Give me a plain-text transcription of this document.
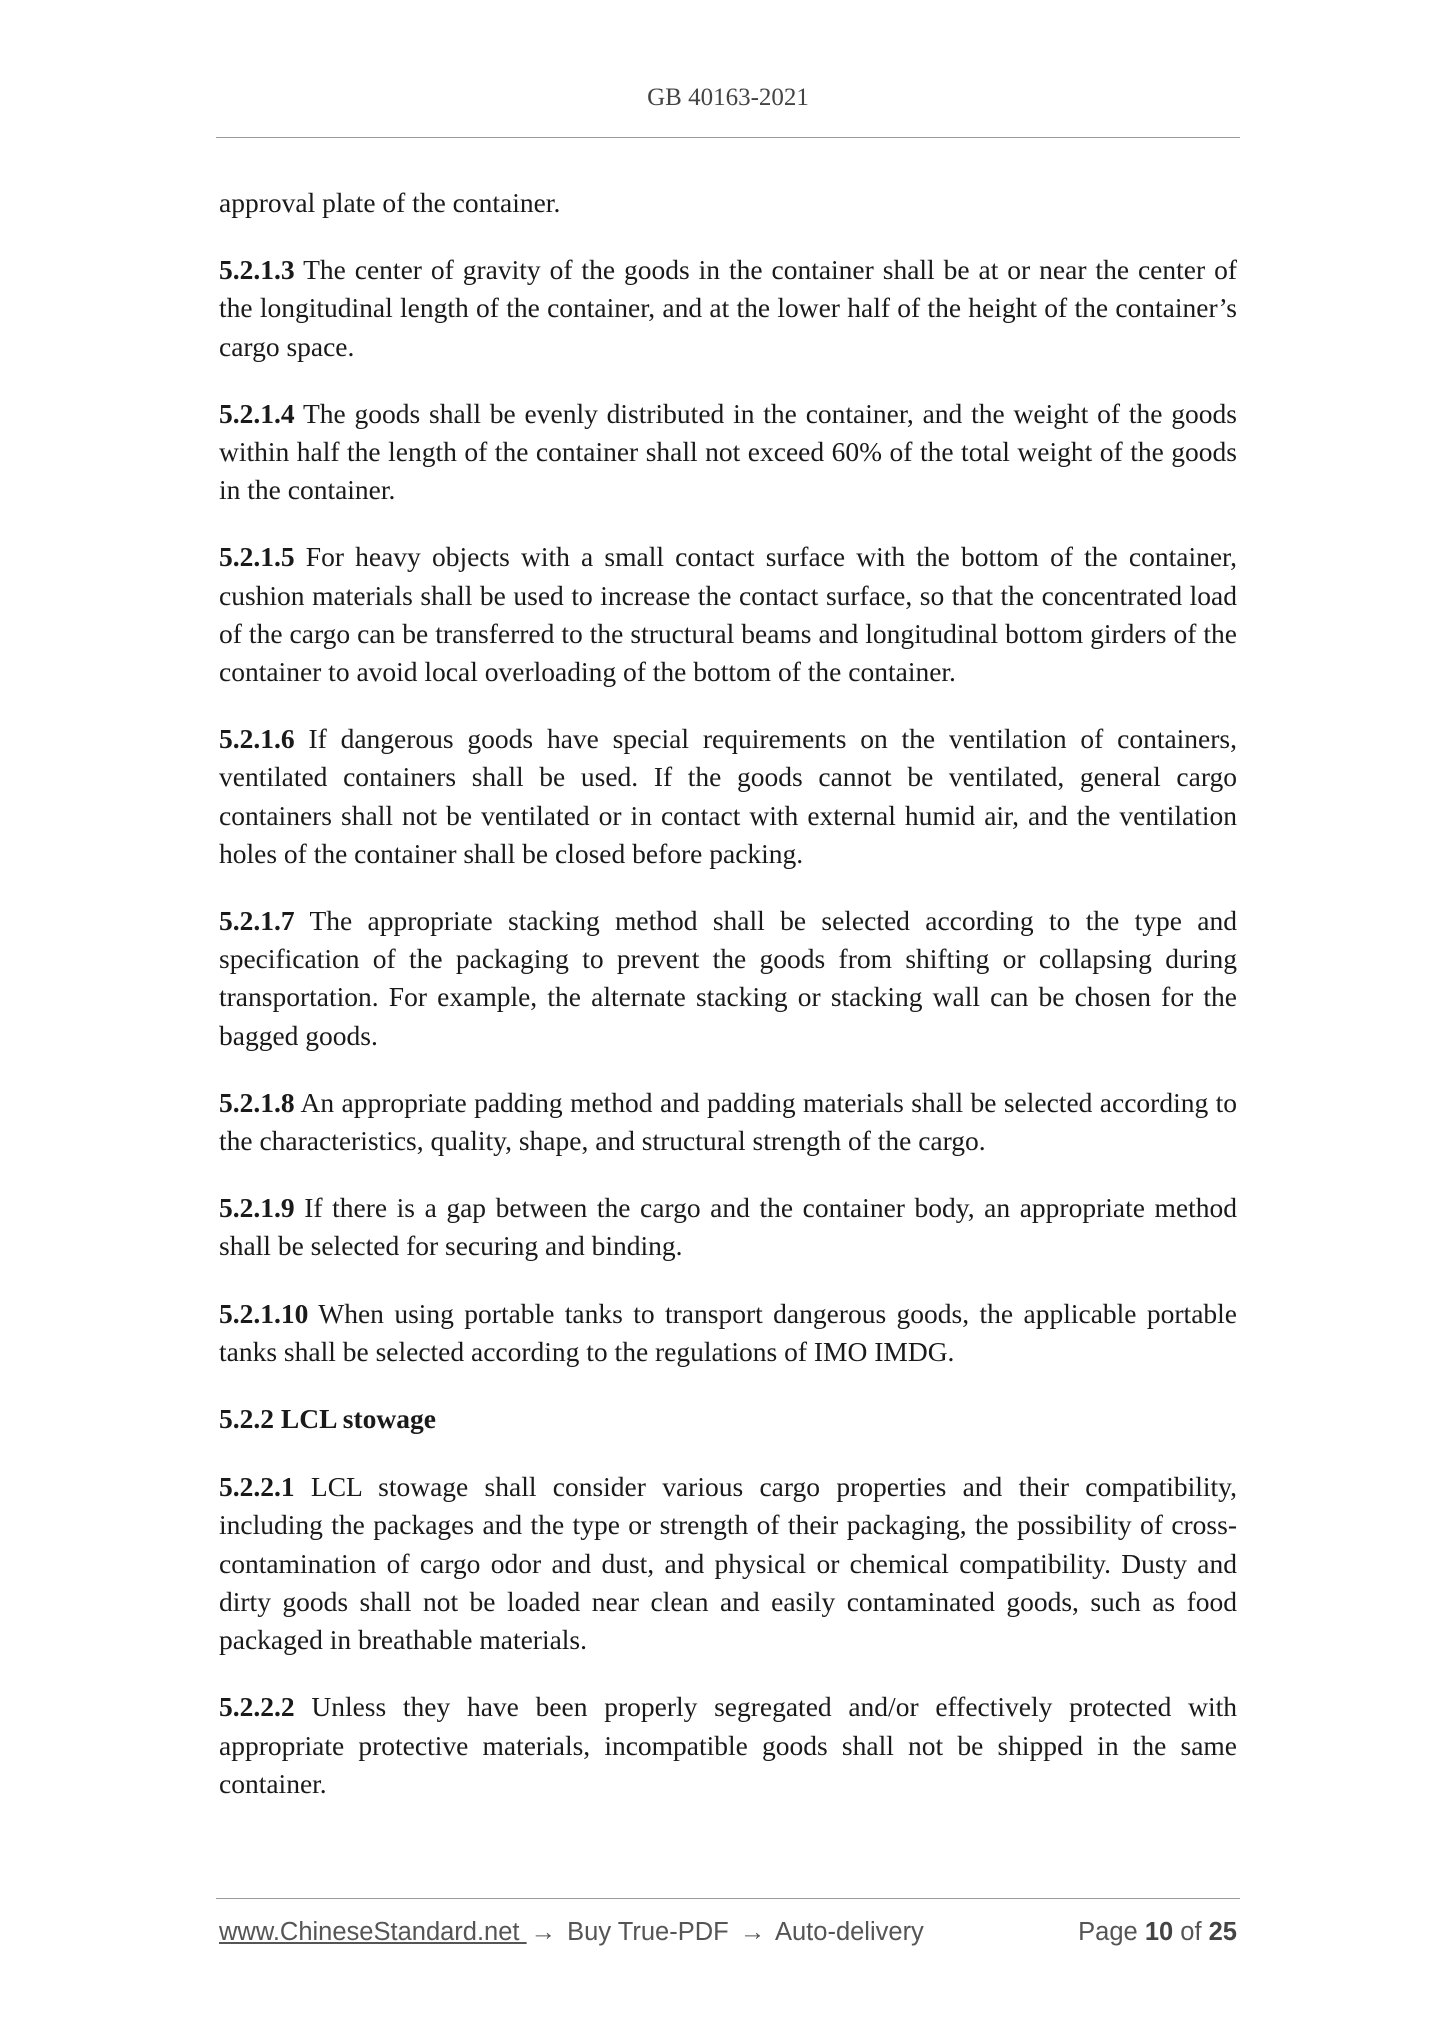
GB 40163-2021

approval plate of the container.

5.2.1.3 The center of gravity of the goods in the container shall be at or near the center of the longitudinal length of the container, and at the lower half of the height of the container’s cargo space.

5.2.1.4 The goods shall be evenly distributed in the container, and the weight of the goods within half the length of the container shall not exceed 60% of the total weight of the goods in the container.

5.2.1.5 For heavy objects with a small contact surface with the bottom of the container, cushion materials shall be used to increase the contact surface, so that the concentrated load of the cargo can be transferred to the structural beams and longitudinal bottom girders of the container to avoid local overloading of the bottom of the container.

5.2.1.6 If dangerous goods have special requirements on the ventilation of containers, ventilated containers shall be used. If the goods cannot be ventilated, general cargo containers shall not be ventilated or in contact with external humid air, and the ventilation holes of the container shall be closed before packing.

5.2.1.7 The appropriate stacking method shall be selected according to the type and specification of the packaging to prevent the goods from shifting or collapsing during transportation. For example, the alternate stacking or stacking wall can be chosen for the bagged goods.

5.2.1.8 An appropriate padding method and padding materials shall be selected according to the characteristics, quality, shape, and structural strength of the cargo.

5.2.1.9 If there is a gap between the cargo and the container body, an appropriate method shall be selected for securing and binding.

5.2.1.10 When using portable tanks to transport dangerous goods, the applicable portable tanks shall be selected according to the regulations of IMO IMDG.

5.2.2 LCL stowage

5.2.2.1 LCL stowage shall consider various cargo properties and their compatibility, including the packages and the type or strength of their packaging, the possibility of cross-contamination of cargo odor and dust, and physical or chemical compatibility. Dusty and dirty goods shall not be loaded near clean and easily contaminated goods, such as food packaged in breathable materials.

5.2.2.2 Unless they have been properly segregated and/or effectively protected with appropriate protective materials, incompatible goods shall not be shipped in the same container.

www.ChineseStandard.net → Buy True-PDF → Auto-delivery	Page 10 of 25
